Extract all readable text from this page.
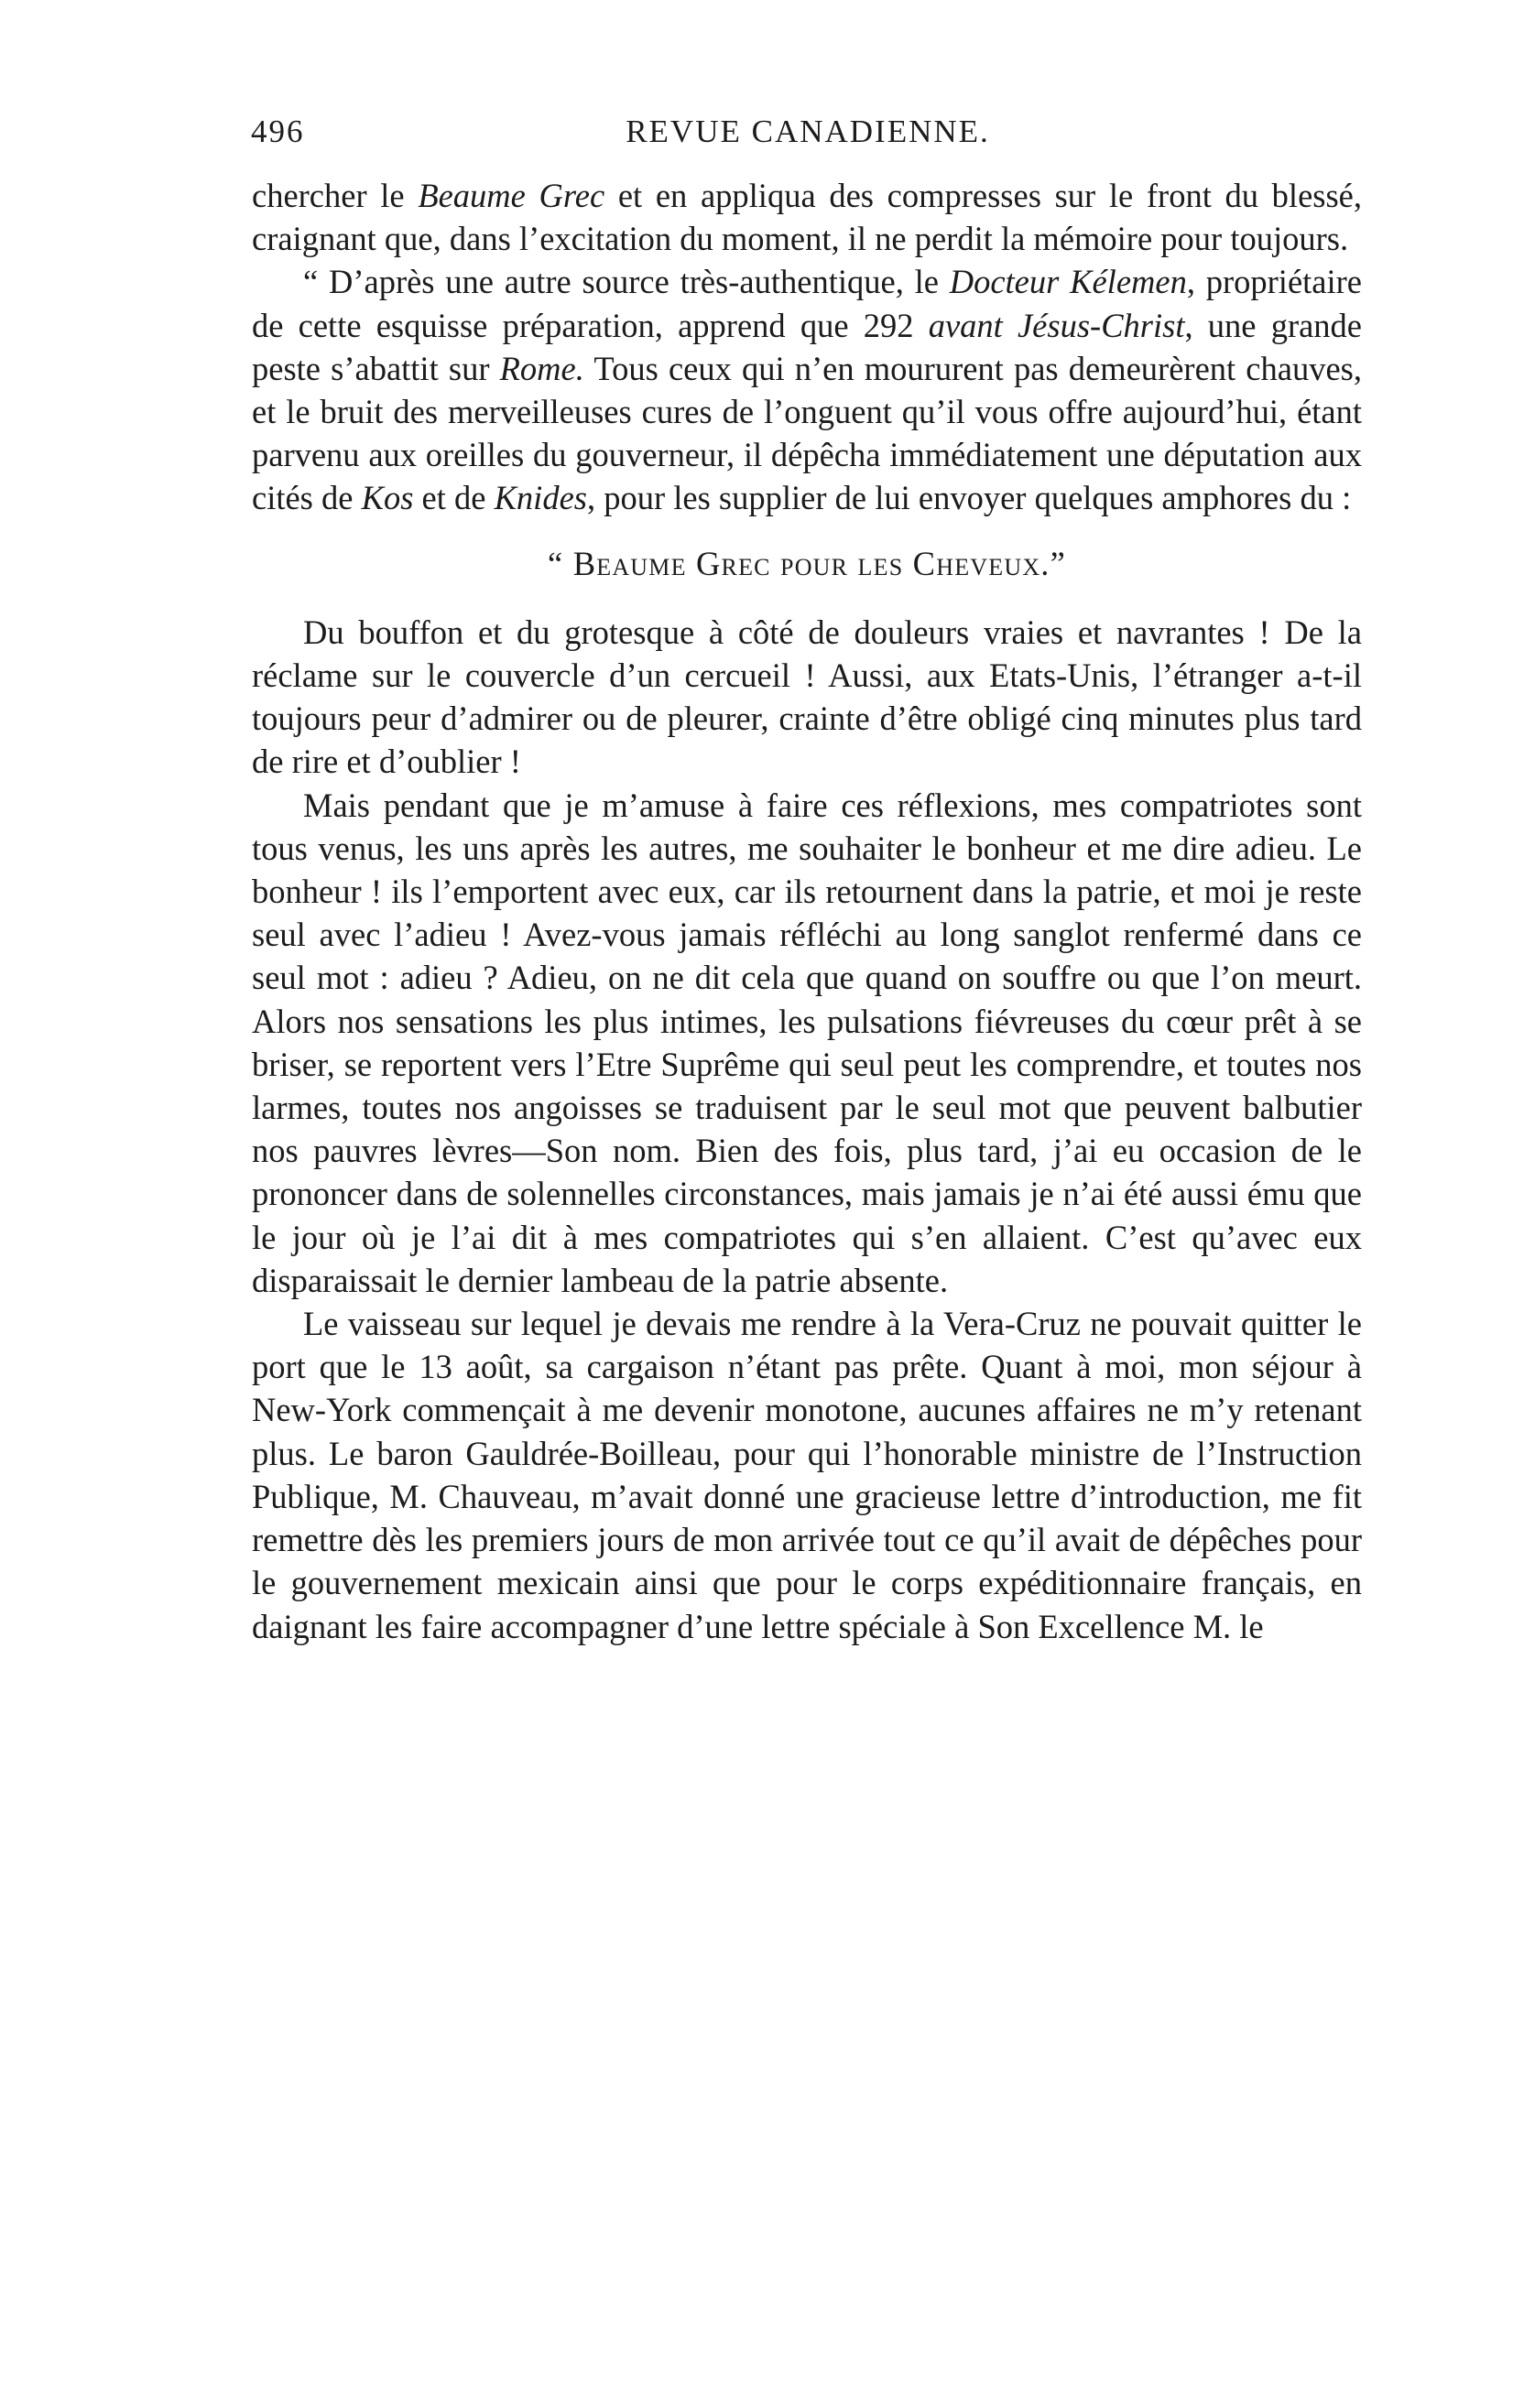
496	REVUE CANADIENNE.

chercher le Beaume Grec et en appliqua des compresses sur le front du blessé, craignant que, dans l’excitation du moment, il ne perdit la mémoire pour toujours.

“ D’après une autre source très-authentique, le Docteur Kélemen, propriétaire de cette esquisse préparation, apprend que 292 avant Jésus-Christ, une grande peste s’abattit sur Rome. Tous ceux qui n’en moururent pas demeurèrent chauves, et le bruit des merveilleuses cures de l’onguent qu’il vous offre aujourd’hui, étant parvenu aux oreilles du gouverneur, il dépêcha immédiatement une députation aux cités de Kos et de Knides, pour les supplier de lui envoyer quelques amphores du :

“ Beaume Grec pour les Cheveux.”

Du bouffon et du grotesque à côté de douleurs vraies et navrantes ! De la réclame sur le couvercle d’un cercueil ! Aussi, aux Etats-Unis, l’étranger a-t-il toujours peur d’admirer ou de pleurer, crainte d’être obligé cinq minutes plus tard de rire et d’oublier !

Mais pendant que je m’amuse à faire ces réflexions, mes compatriotes sont tous venus, les uns après les autres, me souhaiter le bonheur et me dire adieu. Le bonheur ! ils l’emportent avec eux, car ils retournent dans la patrie, et moi je reste seul avec l’adieu ! Avez-vous jamais réfléchi au long sanglot renfermé dans ce seul mot : adieu ? Adieu, on ne dit cela que quand on souffre ou que l’on meurt. Alors nos sensations les plus intimes, les pulsations fiévreuses du cœur prêt à se briser, se reportent vers l’Etre Suprême qui seul peut les comprendre, et toutes nos larmes, toutes nos angoisses se traduisent par le seul mot que peuvent balbutier nos pauvres lèvres—Son nom. Bien des fois, plus tard, j’ai eu occasion de le prononcer dans de solennelles circonstances, mais jamais je n’ai été aussi ému que le jour où je l’ai dit à mes compatriotes qui s’en allaient. C’est qu’avec eux disparaissait le dernier lambeau de la patrie absente.

Le vaisseau sur lequel je devais me rendre à la Vera-Cruz ne pouvait quitter le port que le 13 août, sa cargaison n’étant pas prête. Quant à moi, mon séjour à New-York commençait à me devenir monotone, aucunes affaires ne m’y retenant plus. Le baron Gauldrée-Boilleau, pour qui l’honorable ministre de l’Instruction Publique, M. Chauveau, m’avait donné une gracieuse lettre d’introduction, me fit remettre dès les premiers jours de mon arrivée tout ce qu’il avait de dépêches pour le gouvernement mexicain ainsi que pour le corps expéditionnaire français, en daignant les faire accompagner d’une lettre spéciale à Son Excellence M. le
